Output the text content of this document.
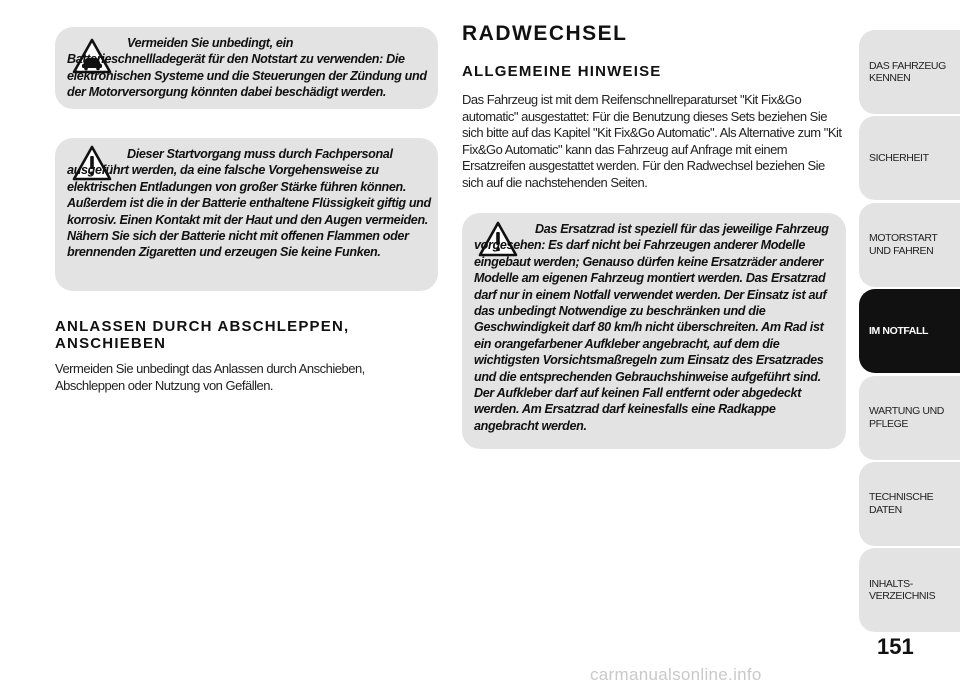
Vermeiden Sie unbedingt, ein Batterieschnellladegerät für den Notstart zu verwenden: Die elektronischen Systeme und die Steuerungen der Zündung und der Motorversorgung könnten dabei beschädigt werden.
Dieser Startvorgang muss durch Fachpersonal ausgeführt werden, da eine falsche Vorgehensweise zu elektrischen Entladungen von großer Stärke führen können. Außerdem ist die in der Batterie enthaltene Flüssigkeit giftig und korrosiv. Einen Kontakt mit der Haut und den Augen vermeiden. Nähern Sie sich der Batterie nicht mit offenen Flammen oder brennenden Zigaretten und erzeugen Sie keine Funken.
ANLASSEN DURCH ABSCHLEPPEN,
ANSCHIEBEN

Vermeiden Sie unbedingt das Anlassen durch Anschieben, Abschleppen oder Nutzung von Gefällen.

RADWECHSEL
ALLGEMEINE HINWEISE

Das Fahrzeug ist mit dem Reifenschnellreparaturset "Kit Fix&Go automatic" ausgestattet: Für die Benutzung dieses Sets beziehen Sie sich bitte auf das Kapitel "Kit Fix&Go Automatic". Als Alternative zum "Kit Fix&Go Automatic" kann das Fahrzeug auf Anfrage mit einem Ersatzreifen ausgestattet werden. Für den Radwechsel beziehen Sie sich auf die nachstehenden Seiten.

Das Ersatzrad ist speziell für das jeweilige Fahrzeug vorgesehen: Es darf nicht bei Fahrzeugen anderer Modelle eingebaut werden; Genauso dürfen keine Ersatzräder anderer Modelle am eigenen Fahrzeug montiert werden. Das Ersatzrad darf nur in einem Notfall verwendet werden. Der Einsatz ist auf das unbedingt Notwendige zu beschränken und die Geschwindigkeit darf 80 km/h nicht überschreiten. Am Rad ist ein orangefarbener Aufkleber angebracht, auf dem die wichtigsten Vorsichtsmaßregeln zum Einsatz des Ersatzrades und die entsprechenden Gebrauchshinweise aufgeführt sind. Der Aufkleber darf auf keinen Fall entfernt oder abgedeckt werden. Am Ersatzrad darf keinesfalls eine Radkappe angebracht werden.
DAS FAHRZEUG KENNEN
SICHERHEIT
MOTORSTART UND FAHREN
IM NOTFALL
WARTUNG UND PFLEGE
TECHNISCHE DATEN
INHALTS- VERZEICHNIS
151
carmanualsonline.info
